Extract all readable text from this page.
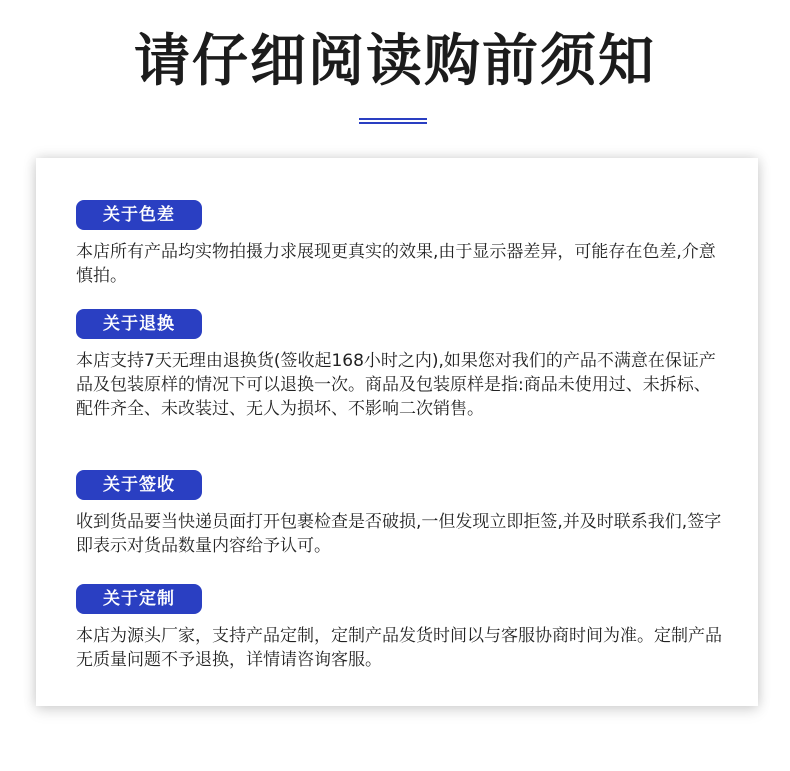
请仔细阅读购前须知
关于色差
本店所有产品均实物拍摄力求展现更真实的效果,由于显示器差异，可能存在色差,介意慎拍。
关于退换
本店支持7天无理由退换货(签收起168小时之内),如果您对我们的产品不满意在保证产品及包装原样的情况下可以退换一次。商品及包装原样是指:商品未使用过、未拆标、配件齐全、未改装过、无人为损坏、不影响二次销售。
关于签收
收到货品要当快递员面打开包裹检查是否破损,一但发现立即拒签,并及时联系我们,签字即表示对货品数量内容给予认可。
关于定制
本店为源头厂家，支持产品定制，定制产品发货时间以与客服协商时间为准。定制产品无质量问题不予退换，详情请咨询客服。
